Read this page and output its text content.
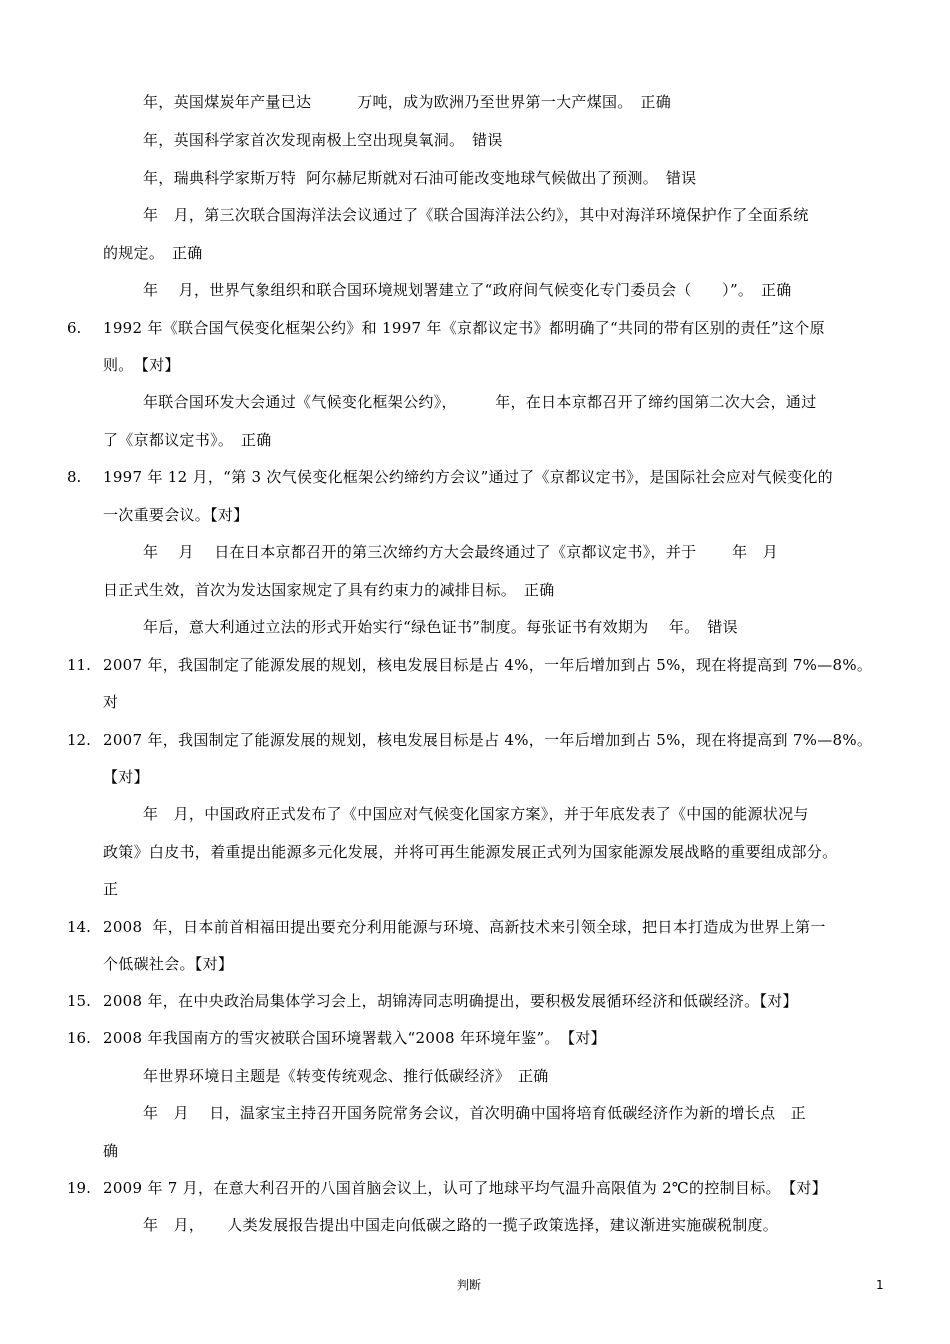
年，英国煤炭年产量已达　　　万吨，成为欧洲乃至世界第一大产煤国。　正确
年，英国科学家首次发现南极上空出现臭氧洞。　错误
年，瑞典科学家斯万特  阿尔赫尼斯就对石油可能改变地球气候做出了预测。　错误
年　月，第三次联合国海洋法会议通过了《联合国海洋法公约》，其中对海洋环境保护作了全面系统
的规定。　正确
年　 月，世界气象组织和联合国环境规划署建立了“政府间气候变化专门委员会（　　）”。　正确
6. 1992 年《联合国气侯变化框架公约》和 1997 年《京都议定书》都明确了“共同的带有区别的责任”这个原
则。　【对】
年联合国环发大会通过《气候变化框架公约》，　　　年，在日本京都召开了缔约国第二次大会，通过
了《京都议定书》。　正确
8. 1997 年 12 月，“第 3 次气侯变化框架公约缔约方会议”通过了《京都议定书》，是国际社会应对气候变化的
一次重要会议。【对】
年　 月　 日在日本京都召开的第三次缔约方大会最终通过了《京都议定书》，并于　　 年　月
日正式生效，首次为发达国家规定了具有约束力的减排目标。　正确
年后，意大利通过立法的形式开始实行“绿色证书”制度。每张证书有效期为　 年。　错误
11. 2007 年，我国制定了能源发展的规划，核电发展目标是占 4%，一年后增加到占 5%，现在将提高到 7%—8%。
对
12. 2007 年，我国制定了能源发展的规划，核电发展目标是占 4%，一年后增加到占 5%，现在将提高到 7%—8%。
【对】
年　月，中国政府正式发布了《中国应对气候变化国家方案》，并于年底发表了《中国的能源状况与
政策》白皮书，着重提出能源多元化发展，并将可再生能源发展正式列为国家能源发展战略的重要组成部分。
正
14. 2008  年，日本前首相福田提出要充分利用能源与环境、高新技术来引领全球，把日本打造成为世界上第一
个低碳社会。【对】
15. 2008 年，在中央政治局集体学习会上，胡锦涛同志明确提出，要积极发展循环经济和低碳经济。【对】
16. 2008 年我国南方的雪灾被联合国环境署载入“2008 年环境年鉴”。　【对】
年世界环境日主题是《转变传统观念、推行低碳经济》　正确
年　月　 日，温家宝主持召开国务院常务会议，首次明确中国将培育低碳经济作为新的增长点　正
确
19. 2009 年 7 月，在意大利召开的八国首脑会议上，认可了地球平均气温升高限值为 2℃的控制目标。　【对】
年　月，　　人类发展报告提出中国走向低碳之路的一揽子政策选择，建议渐进实施碳税制度。
判断	1
